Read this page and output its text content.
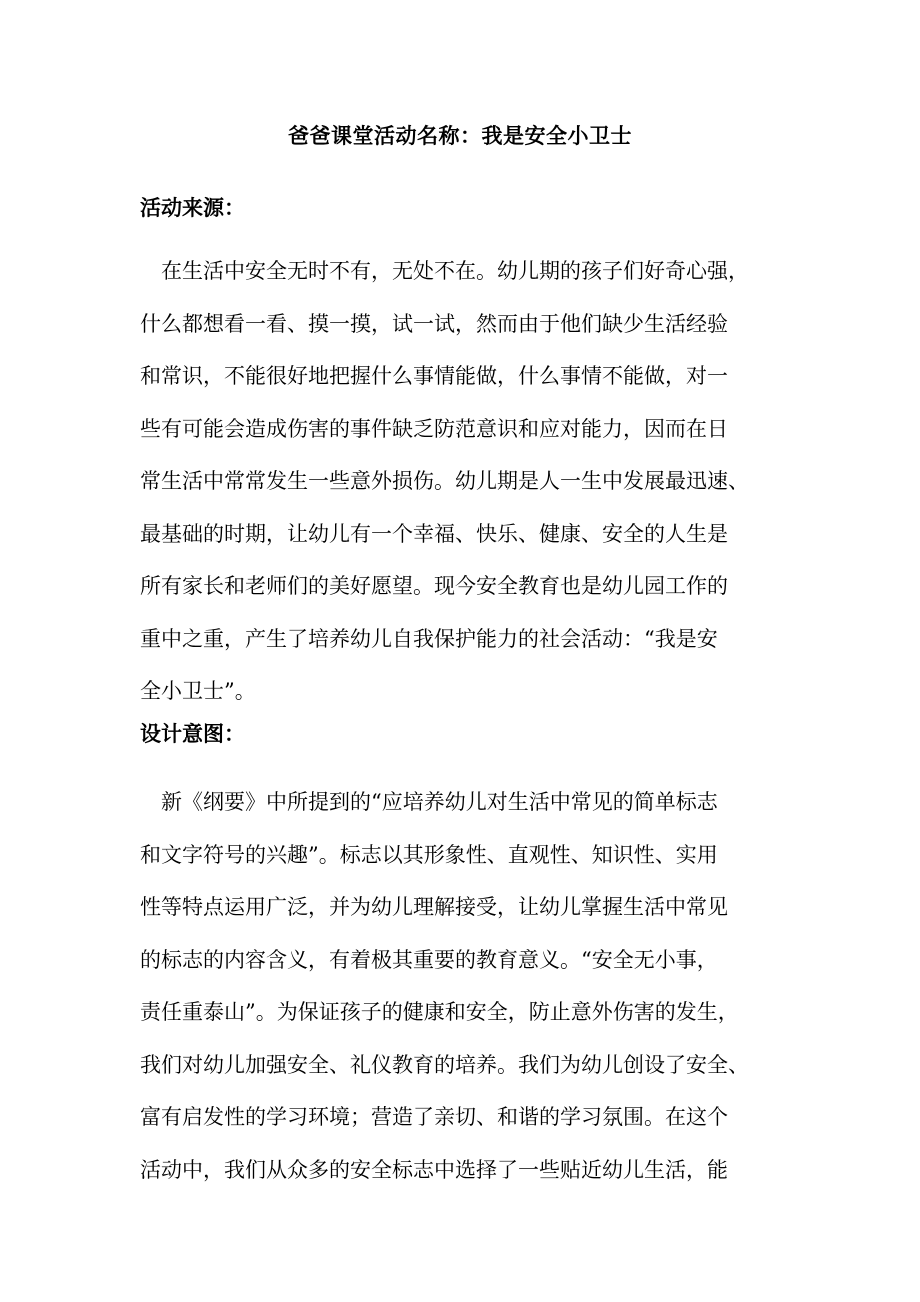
爸爸课堂活动名称：我是安全小卫士
活动来源：
　在生活中安全无时不有，无处不在。幼儿期的孩子们好奇心强，
什么都想看一看、摸一摸，试一试，然而由于他们缺少生活经验
和常识，不能很好地把握什么事情能做，什么事情不能做，对一
些有可能会造成伤害的事件缺乏防范意识和应对能力，因而在日
常生活中常常发生一些意外损伤。幼儿期是人一生中发展最迅速、
最基础的时期，让幼儿有一个幸福、快乐、健康、安全的人生是
所有家长和老师们的美好愿望。现今安全教育也是幼儿园工作的
重中之重，产生了培养幼儿自我保护能力的社会活动：“我是安
全小卫士”。
设计意图：
　新《纲要》中所提到的“应培养幼儿对生活中常见的简单标志
和文字符号的兴趣”。标志以其形象性、直观性、知识性、实用
性等特点运用广泛，并为幼儿理解接受，让幼儿掌握生活中常见
的标志的内容含义，有着极其重要的教育意义。“安全无小事，
责任重泰山”。为保证孩子的健康和安全，防止意外伤害的发生，
我们对幼儿加强安全、礼仪教育的培养。我们为幼儿创设了安全、
富有启发性的学习环境；营造了亲切、和谐的学习氛围。在这个
活动中，我们从众多的安全标志中选择了一些贴近幼儿生活，能
